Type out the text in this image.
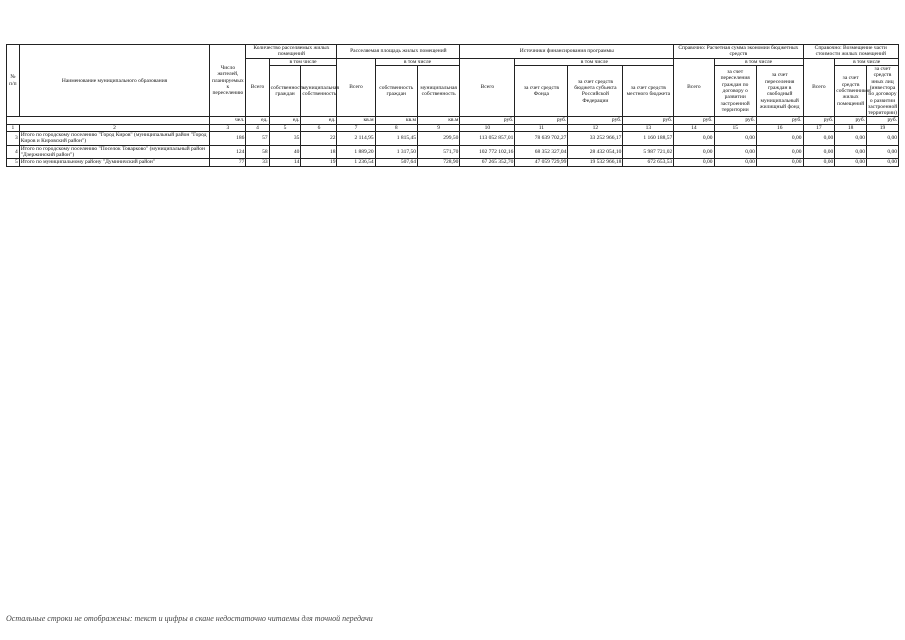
№ п/п	Наименование муниципального образования	Число жителей, планируемых к переселению	Количество расселяемых жилых помещений			Расселяемая площадь жилых помещений			Источники финансирования программы				Справочно: Расчетная сумма экономии бюджетных средств			Справочно: Возмещение части стоимости жилых помещений		
			Всего	в том числе		Всего	в том числе		Всего	в том числе			Всего	в том числе		Всего	в том числе	
				собственность граждан	муниципальная собственность		собственность граждан	муниципальная собственность		за счет средств Фонда	за счет средств бюджета субъекта Российской Федерации	за счет средств местного бюджета		за счет переселения граждан по договору о развитии застроенной территории	за счет переселения граждан в свободный муниципальный жилищный фонд		за счет средств собственников жилых помещений	за счет средств иных лиц (инвестора по договору о развитии застроенной территории)
		чел.	ед.	ед.	ед.	кв.м	кв.м	кв.м	руб.	руб.	руб.	руб.	руб.	руб.	руб.	руб.	руб.	руб.
1	2	3	4	5	6	7	8	9	10	11	12	13	14	15	16	17	18	19
3	Итого по городскому поселению "Город Киров" (муниципальный район "Город Киров и Кировский район")	186	57	35	22	2 114,95	1 815,45	299,50	113 052 857,01	78 639 702,27	33 252 966,17	1 160 188,57	0,00	0,00	0,00	0,00	0,00	0,00
4	Итого по городскому поселению "Поселок Товарково" (муниципальный район "Дзержинский район")	124	58	40	18	1 889,20	1 317,50	571,70	102 772 102,16	68 352 327,04	28 432 054,10	5 987 721,02	0,00	0,00	0,00	0,00	0,00	0,00
5	Итого по муниципальному району "Думиничский район"	77	33	14	19	1 236,54	507,64	728,90	67 265 352,70	47 059 729,99	19 532 966,18	672 653,53	0,00	0,00	0,00	0,00	0,00	0,00
Остальные строки не отображены: текст и цифры в скане недостаточно читаемы для точной передачи
